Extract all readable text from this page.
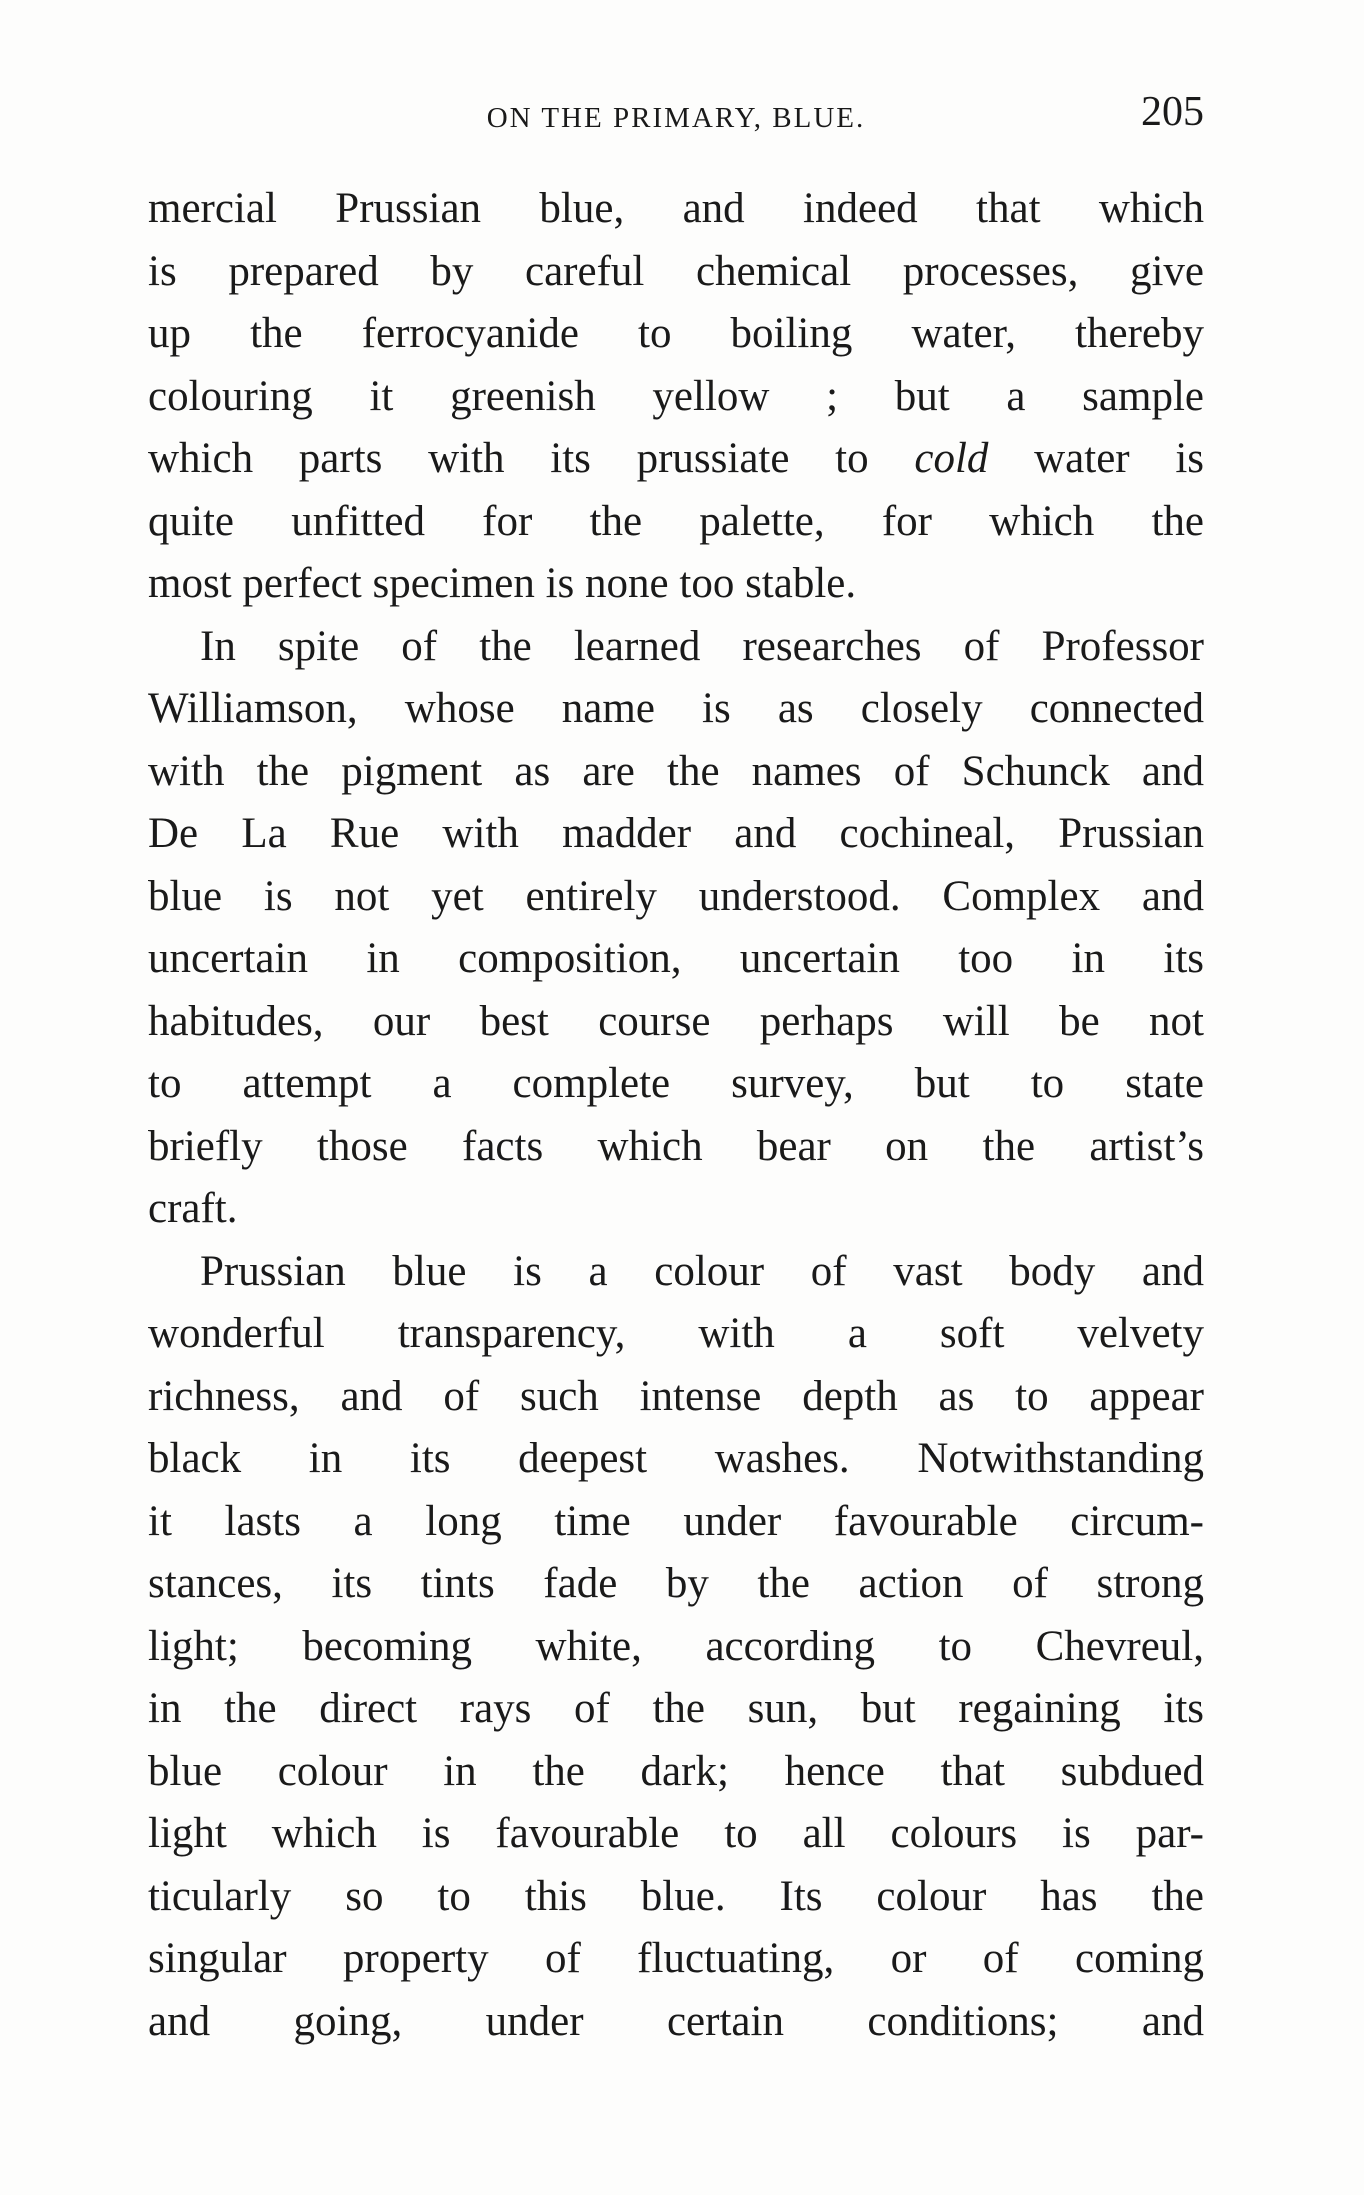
ON THE PRIMARY, BLUE.	205
mercial Prussian blue, and indeed that which
is prepared by careful chemical processes, give
up the ferrocyanide to boiling water, thereby
colouring it greenish yellow ; but a sample
which parts with its prussiate to cold water is
quite unfitted for the palette, for which the
most perfect specimen is none too stable.
In spite of the learned researches of Professor
Williamson, whose name is as closely connected
with the pigment as are the names of Schunck and
De La Rue with madder and cochineal, Prussian
blue is not yet entirely understood. Complex and
uncertain in composition, uncertain too in its
habitudes, our best course perhaps will be not
to attempt a complete survey, but to state
briefly those facts which bear on the artist’s
craft.
Prussian blue is a colour of vast body and
wonderful transparency, with a soft velvety
richness, and of such intense depth as to appear
black in its deepest washes. Notwithstanding
it lasts a long time under favourable circum-
stances, its tints fade by the action of strong
light; becoming white, according to Chevreul,
in the direct rays of the sun, but regaining its
blue colour in the dark; hence that subdued
light which is favourable to all colours is par-
ticularly so to this blue. Its colour has the
singular property of fluctuating, or of coming
and going, under certain conditions; and
